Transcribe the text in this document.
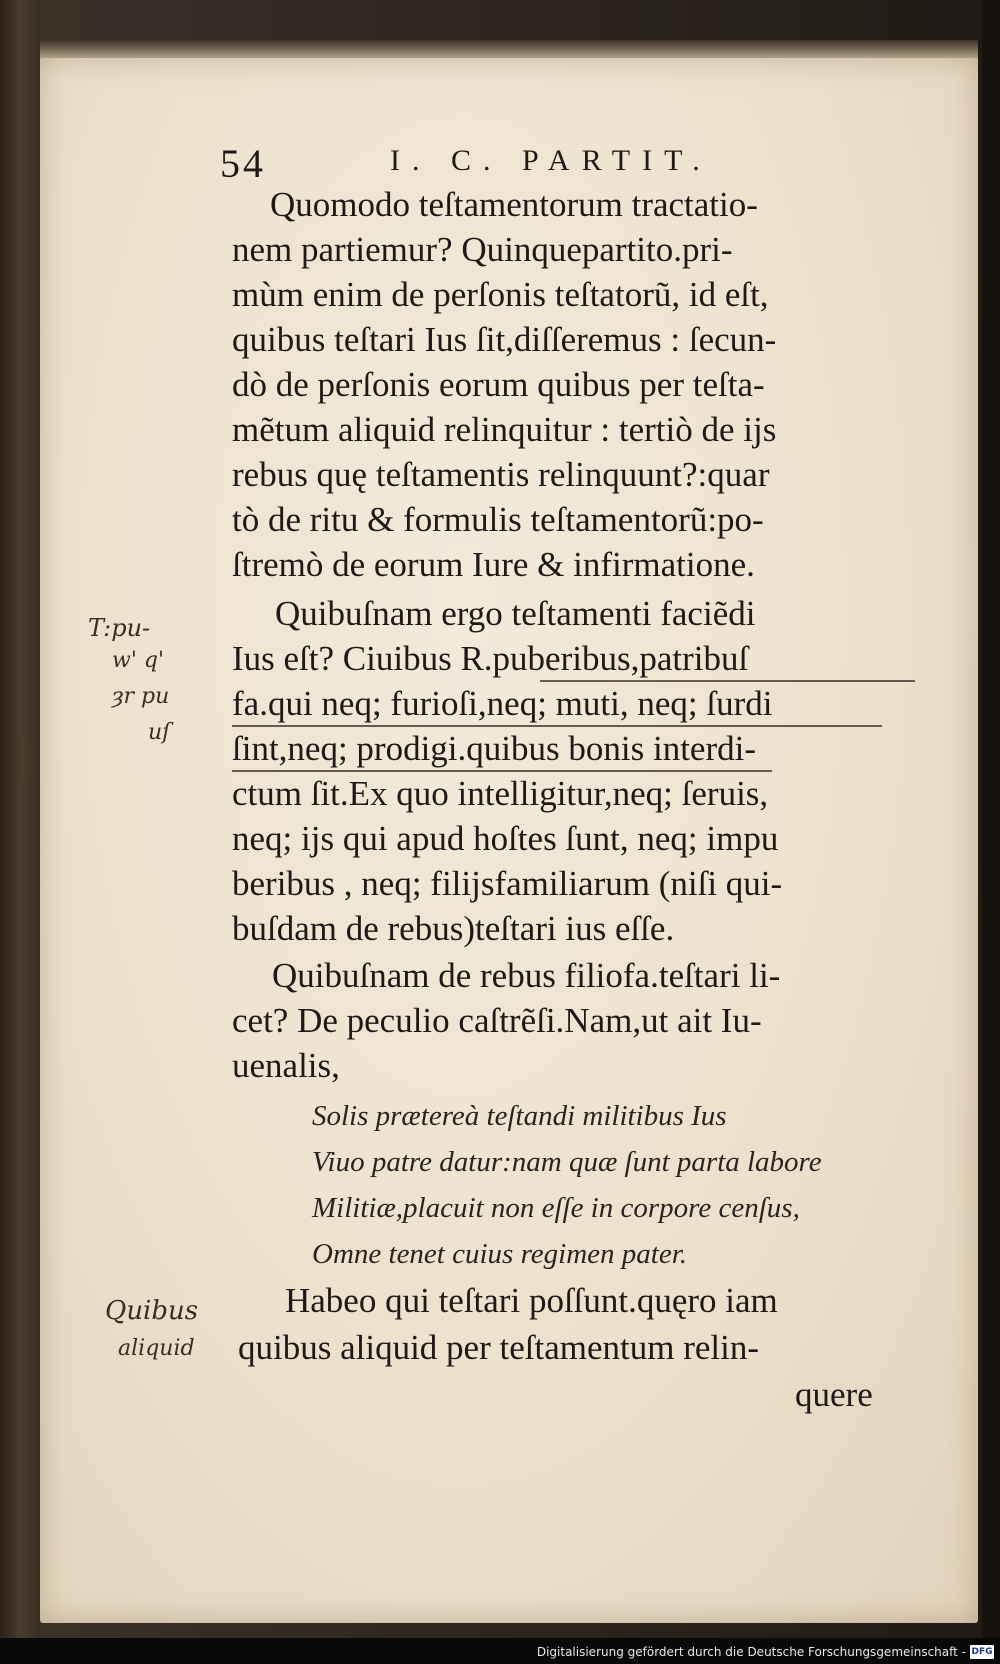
54	I. C. PARTIT.
Quomodo teſtamentorum tractatio-
nem partiemur? Quinquepartito.pri-
mùm enim de perſonis teſtatorũ, id eſt,
quibus teſtari Ius ſit,diſſeremus : ſecun-
dò de perſonis eorum quibus per teſta-
mẽtum aliquid relinquitur : tertiò de ijs
rebus quę teſtamentis relinquunt?:quar
tò de ritu & formulis teſtamentorũ:po-
ſtremò de eorum Iure & infirmatione.
Quibuſnam ergo teſtamenti faciẽdi
Ius eſt? Ciuibus R.puberibus,patribuſ
fa.qui neq; furioſi,neq; muti, neq; ſurdi
ſint,neq; prodigi.quibus bonis interdi-
ctum ſit.Ex quo intelligitur,neq; ſeruis,
neq; ijs qui apud hoſtes ſunt, neq; impu
beribus , neq; filijsfamiliarum (niſi qui-
buſdam de rebus)teſtari ius eſſe.
Quibuſnam de rebus filiofa.teſtari li-
cet? De peculio caſtrẽſi.Nam,ut ait Iu-
uenalis,
Solis prætereà teſtandi militibus Ius
Viuo patre datur:nam quæ ſunt parta labore
Militiæ,placuit non eſſe in corpore cenſus,
Omne tenet cuius regimen pater.
Habeo qui teſtari poſſunt.quęro iam
quibus aliquid per teſtamentum relin-
quere
T:pu-
w' q'
ȝr pu
uſ
Quibus
aliquid
Digitalisierung gefördert durch die Deutsche Forschungsgemeinschaft - DFG
